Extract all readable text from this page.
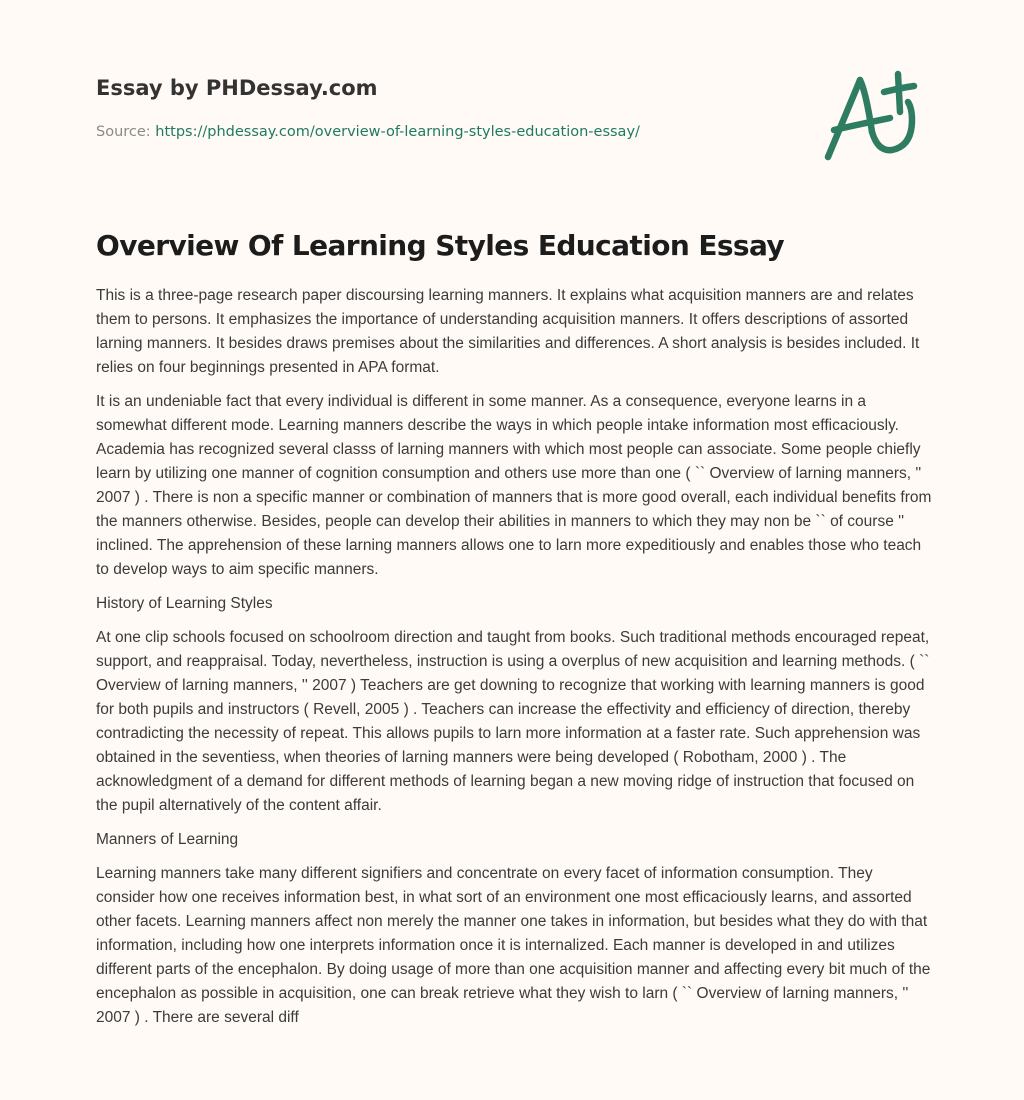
Essay by PHDessay.com
Source: https://phdessay.com/overview-of-learning-styles-education-essay/
Overview Of Learning Styles Education Essay

This is a three-page research paper discoursing learning manners. It explains what acquisition manners are and relates them to persons. It emphasizes the importance of understanding acquisition manners. It offers descriptions of assorted larning manners. It besides draws premises about the similarities and differences. A short analysis is besides included. It relies on four beginnings presented in APA format.

It is an undeniable fact that every individual is different in some manner. As a consequence, everyone learns in a somewhat different mode. Learning manners describe the ways in which people intake information most efficaciously. Academia has recognized several classs of larning manners with which most people can associate. Some people chiefly learn by utilizing one manner of cognition consumption and others use more than one ( `` Overview of larning manners, '' 2007 ) . There is non a specific manner or combination of manners that is more good overall, each individual benefits from the manners otherwise. Besides, people can develop their abilities in manners to which they may non be `` of course '' inclined. The apprehension of these larning manners allows one to larn more expeditiously and enables those who teach to develop ways to aim specific manners.

History of Learning Styles

At one clip schools focused on schoolroom direction and taught from books. Such traditional methods encouraged repeat, support, and reappraisal. Today, nevertheless, instruction is using a overplus of new acquisition and learning methods. ( `` Overview of larning manners, '' 2007 ) Teachers are get downing to recognize that working with learning manners is good for both pupils and instructors ( Revell, 2005 ) . Teachers can increase the effectivity and efficiency of direction, thereby contradicting the necessity of repeat. This allows pupils to larn more information at a faster rate. Such apprehension was obtained in the seventiess, when theories of larning manners were being developed ( Robotham, 2000 ) . The acknowledgment of a demand for different methods of learning began a new moving ridge of instruction that focused on the pupil alternatively of the content affair.

Manners of Learning

Learning manners take many different signifiers and concentrate on every facet of information consumption. They consider how one receives information best, in what sort of an environment one most efficaciously learns, and assorted other facets. Learning manners affect non merely the manner one takes in information, but besides what they do with that information, including how one interprets information once it is internalized. Each manner is developed in and utilizes different parts of the encephalon. By doing usage of more than one acquisition manner and affecting every bit much of the encephalon as possible in acquisition, one can break retrieve what they wish to larn ( `` Overview of larning manners, '' 2007 ) . There are several diff
